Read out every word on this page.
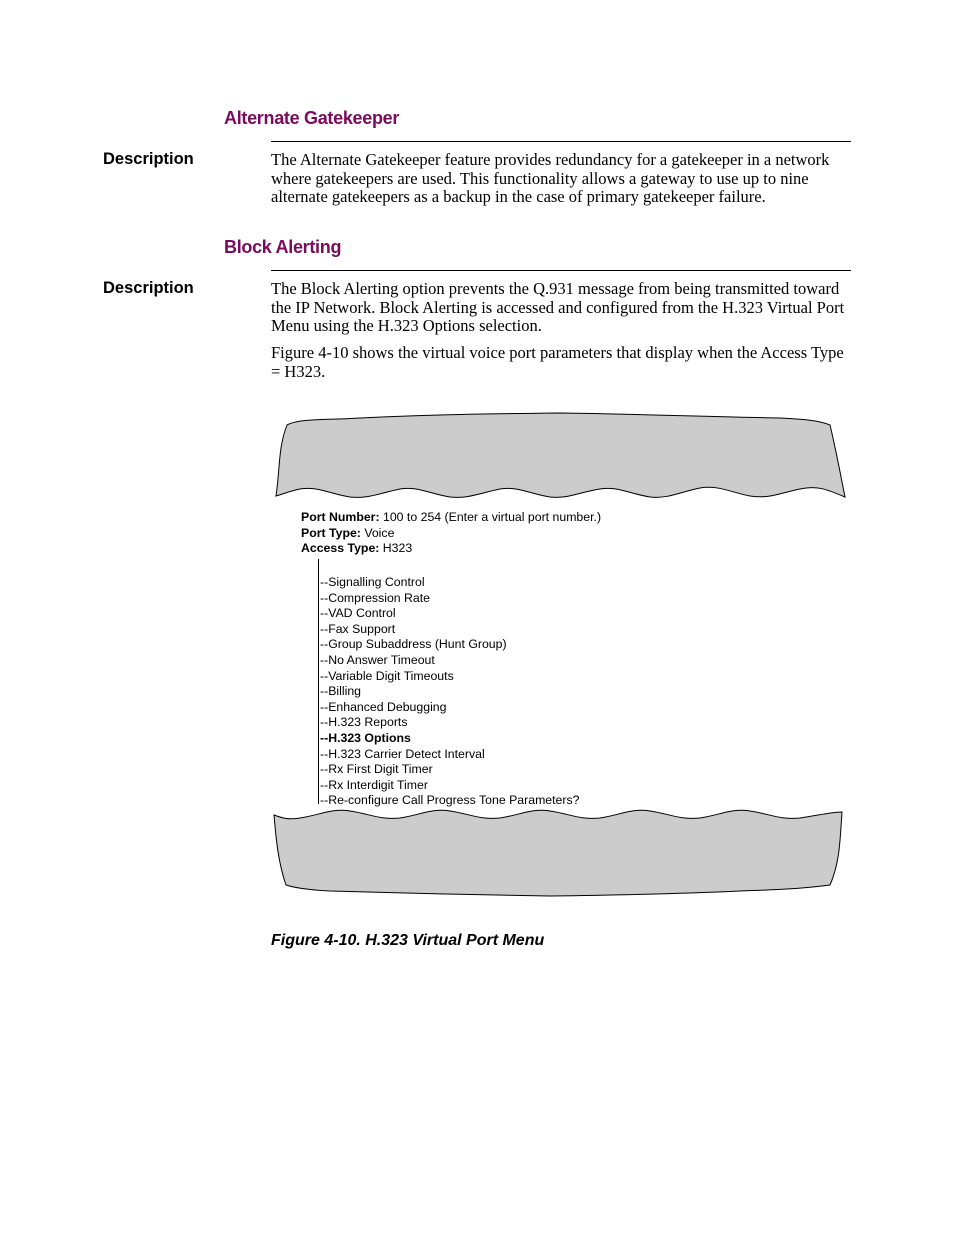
Alternate Gatekeeper
Description	The Alternate Gatekeeper feature provides redundancy for a gatekeeper in a network where gatekeepers are used. This functionality allows a gateway to use up to nine alternate gatekeepers as a backup in the case of primary gatekeeper failure.

Block Alerting
Description	The Block Alerting option prevents the Q.931 message from being transmitted toward the IP Network. Block Alerting is accessed and configured from the H.323 Virtual Port Menu using the H.323 Options selection.

Figure 4-10 shows the virtual voice port parameters that display when the Access Type = H323.

Port Number: 100 to 254 (Enter a virtual port number.)
Port Type: Voice
Access Type: H323
--Signalling Control
--Compression Rate
--VAD Control
--Fax Support
--Group Subaddress (Hunt Group)
--No Answer Timeout
--Variable Digit Timeouts
--Billing
--Enhanced Debugging
--H.323 Reports
--H.323 Options
--H.323 Carrier Detect Interval
--Rx First Digit Timer
--Rx Interdigit Timer
--Re-configure Call Progress Tone Parameters?
Figure 4-10. H.323 Virtual Port Menu
